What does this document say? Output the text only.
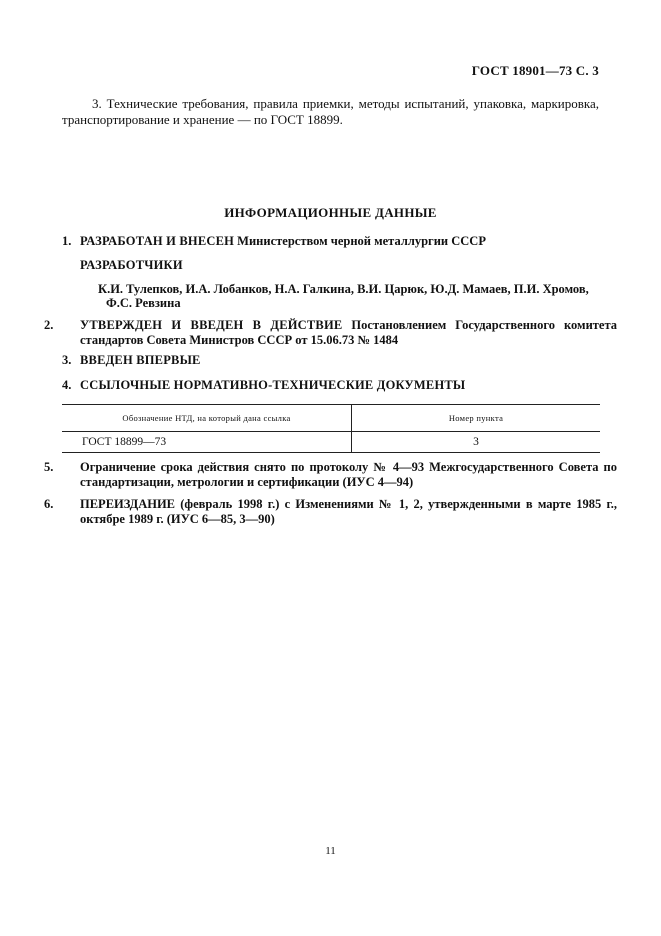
ГОСТ 18901—73 С. 3
3. Технические требования, правила приемки, методы испытаний, упаковка, маркировка, транспортирование и хранение — по ГОСТ 18899.
ИНФОРМАЦИОННЫЕ ДАННЫЕ
1. РАЗРАБОТАН И ВНЕСЕН Министерством черной металлургии СССР
РАЗРАБОТЧИКИ
К.И. Тулепков, И.А. Лобанков, Н.А. Галкина, В.И. Царюк, Ю.Д. Мамаев, П.И. Хромов,
Ф.С. Ревзина
2. УТВЕРЖДЕН И ВВЕДЕН В ДЕЙСТВИЕ Постановлением Государственного комитета стандартов Совета Министров СССР от 15.06.73 № 1484
3. ВВЕДЕН ВПЕРВЫЕ
4. ССЫЛОЧНЫЕ НОРМАТИВНО-ТЕХНИЧЕСКИЕ ДОКУМЕНТЫ
Обозначение НТД, на который дана ссылка	Номер пункта
ГОСТ 18899—73	3
5. Ограничение срока действия снято по протоколу № 4—93 Межгосударственного Совета по стандартизации, метрологии и сертификации (ИУС 4—94)
6. ПЕРЕИЗДАНИЕ (февраль 1998 г.) с Изменениями № 1, 2, утвержденными в марте 1985 г., октябре 1989 г. (ИУС 6—85, 3—90)
11
